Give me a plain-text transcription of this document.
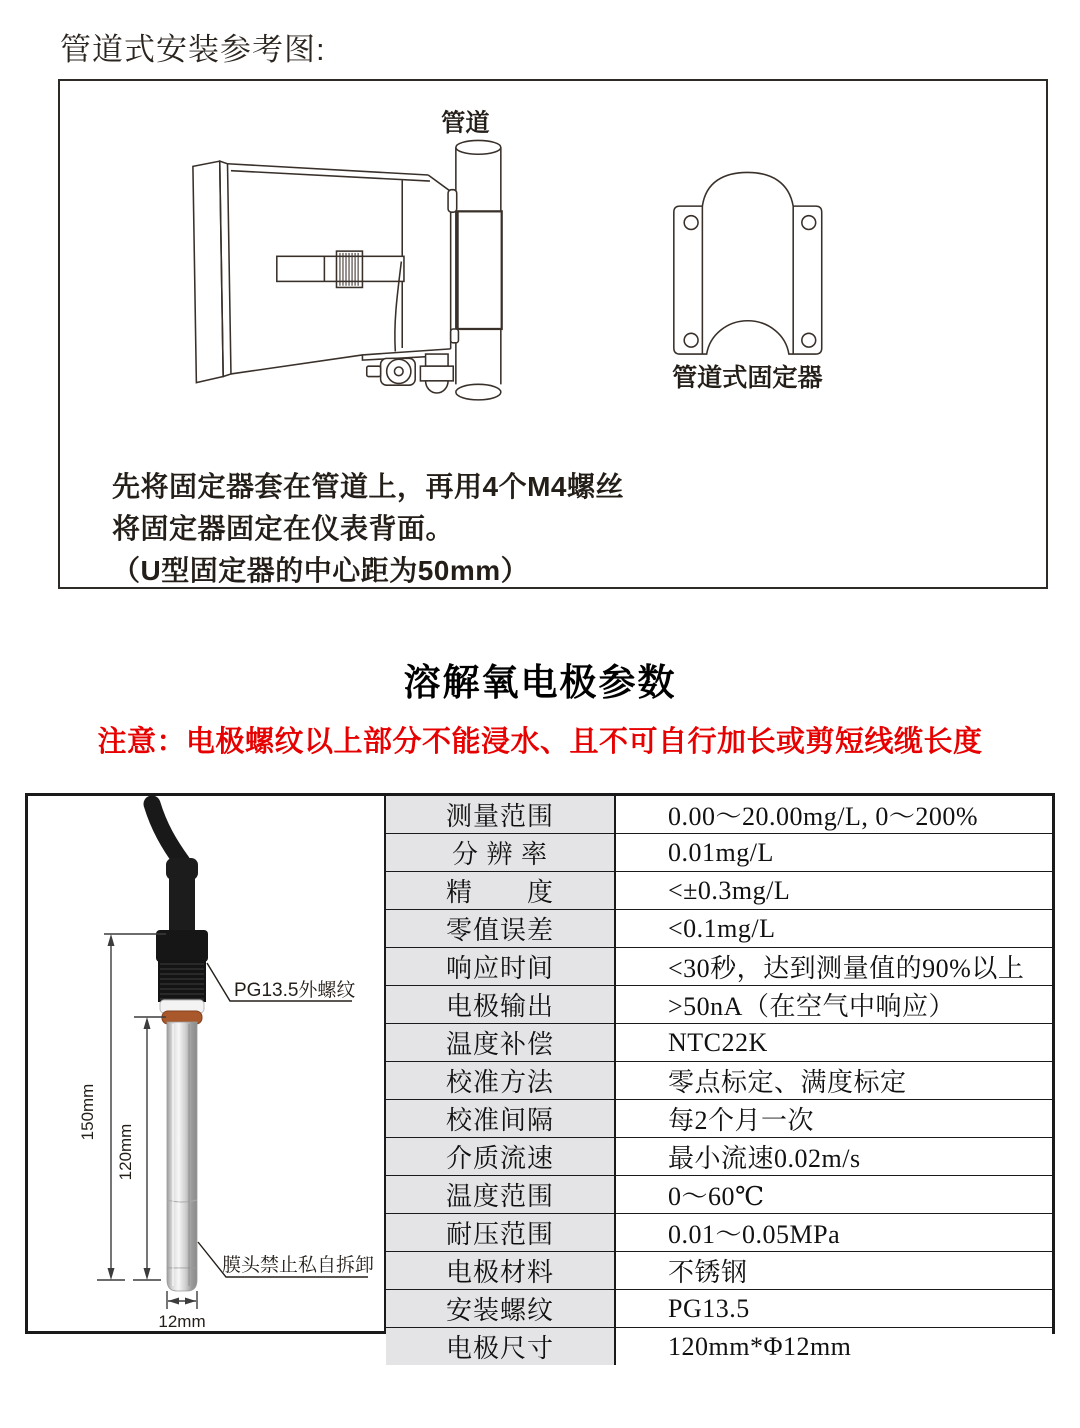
管道式安装参考图:
管道
管道式固定器
先将固定器套在管道上，再用4个M4螺丝
将固定器固定在仪表背面。
（U型固定器的中心距为50mm）
溶解氧电极参数
注意：电极螺纹以上部分不能浸水、且不可自行加长或剪短线缆长度
150mm
120mm
12mm
PG13.5外螺纹
膜头禁止私自拆卸
测量范围	0.00～20.00mg/L, 0～200%
分 辨 率	0.01mg/L
精　　度	<±0.3mg/L
零值误差	<0.1mg/L
响应时间	<30秒，达到测量值的90%以上
电极输出	>50nA（在空气中响应）
温度补偿	NTC22K
校准方法	零点标定、满度标定
校准间隔	每2个月一次
介质流速	最小流速0.02m/s
温度范围	0～60℃
耐压范围	0.01～0.05MPa
电极材料	不锈钢
安装螺纹	PG13.5
电极尺寸	120mm*Φ12mm
